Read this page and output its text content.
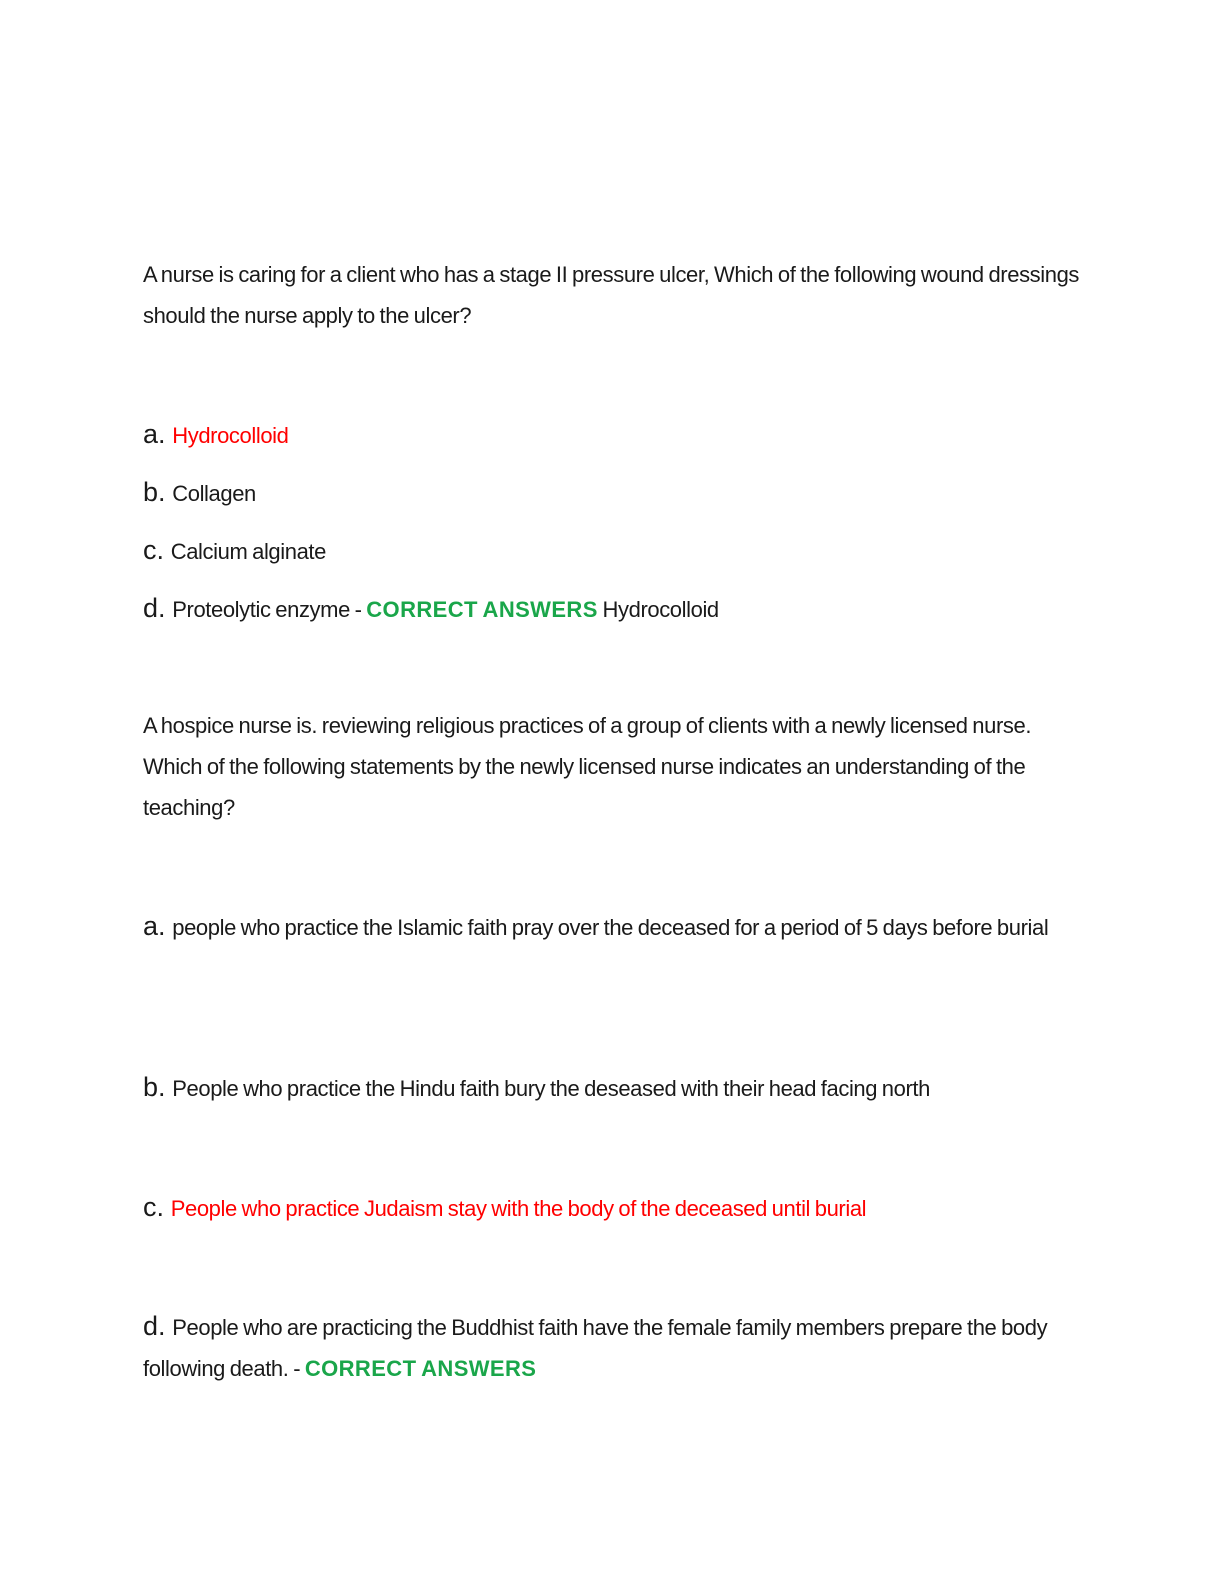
A nurse is caring for a client who has a stage II pressure ulcer, Which of the following wound dressings should the nurse apply to the ulcer?
a. Hydrocolloid
b. Collagen
c. Calcium alginate
d. Proteolytic enzyme - CORRECT ANSWERS Hydrocolloid
A hospice nurse is. reviewing religious practices of a group of clients with a newly licensed nurse. Which of the following statements by the newly licensed nurse indicates an understanding of the teaching?
a. people who practice the Islamic faith pray over the deceased for a period of 5 days before burial
b. People who practice the Hindu faith bury the deseased with their head facing north
c. People who practice Judaism stay with the body of the deceased until burial
d. People who are practicing the Buddhist faith have the female family members prepare the body following death. - CORRECT ANSWERS
